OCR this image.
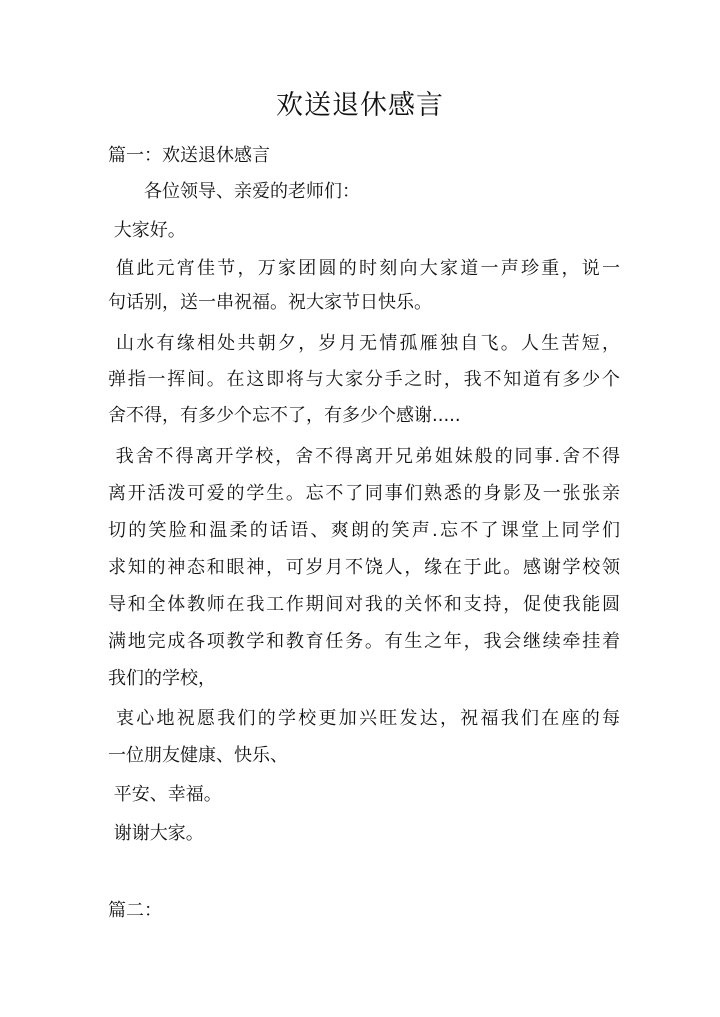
欢送退休感言
篇一：欢送退休感言
　　各位领导、亲爱的老师们：
大家好。
值此元宵佳节，万家团圆的时刻向大家道一声珍重，说一
句话别，送一串祝福。祝大家节日快乐。
山水有缘相处共朝夕，岁月无情孤雁独自飞。人生苦短，
弹指一挥间。在这即将与大家分手之时，我不知道有多少个
舍不得，有多少个忘不了，有多少个感谢.....
我舍不得离开学校，舍不得离开兄弟姐妹般的同事.舍不得
离开活泼可爱的学生。忘不了同事们熟悉的身影及一张张亲
切的笑脸和温柔的话语、爽朗的笑声.忘不了课堂上同学们
求知的神态和眼神，可岁月不饶人，缘在于此。感谢学校领
导和全体教师在我工作期间对我的关怀和支持，促使我能圆
满地完成各项教学和教育任务。有生之年，我会继续牵挂着
我们的学校，
衷心地祝愿我们的学校更加兴旺发达，祝福我们在座的每
一位朋友健康、快乐、
平安、幸福。
谢谢大家。
篇二：
